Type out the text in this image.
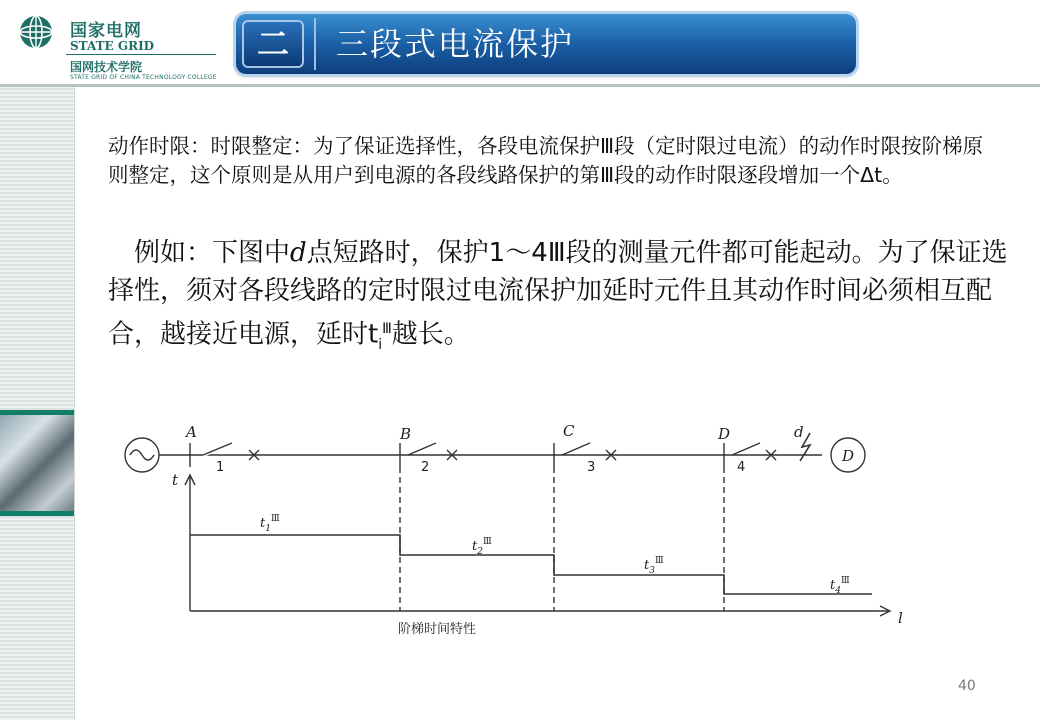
国家电网
STATE GRID
国网技术学院
STATE GRID OF CHINA TECHNOLOGY COLLEGE
二	三段式电流保护
动作时限：时限整定：为了保证选择性，各段电流保护Ⅲ段（定时限过电流）的动作时限按阶梯原则整定，这个原则是从用户到电源的各段线路保护的第Ⅲ段的动作时限逐段增加一个Δt。
例如：下图中d点短路时，保护1～4Ⅲ段的测量元件都可能起动。为了保证选择性，须对各段线路的定时限过电流保护加延时元件且其动作时间必须相互配合，越接近电源，延时$t_i^Ⅲ$越长。
A	B	C	D	d
D
t
l
1	2	3	4
$t_1^Ⅲ$
$t_2^Ⅲ$
$t_3^Ⅲ$
$t_4^Ⅲ$
阶梯时间特性
40
